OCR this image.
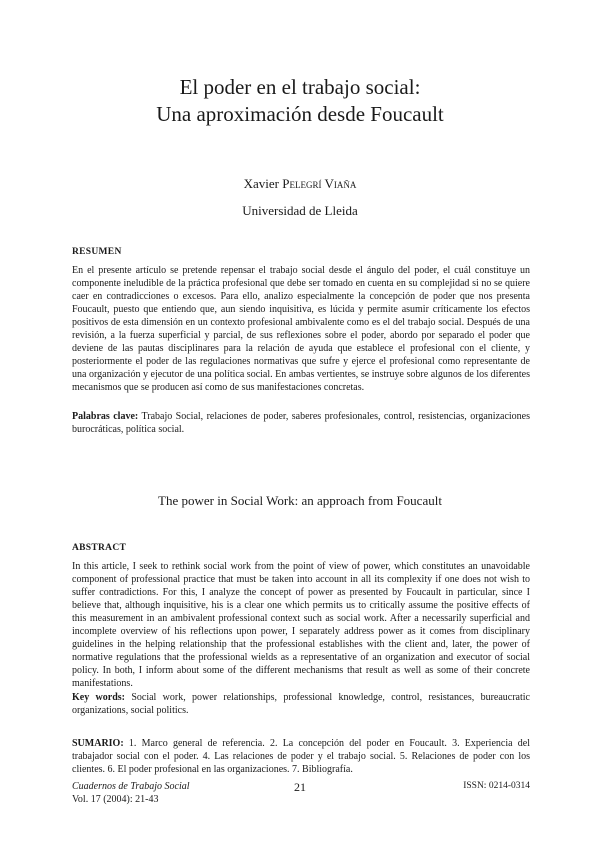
El poder en el trabajo social:
Una aproximación desde Foucault
Xavier Pelegrí Viaña
Universidad de Lleida
RESUMEN
En el presente artículo se pretende repensar el trabajo social desde el ángulo del poder, el cuál constituye un componente ineludible de la práctica profesional que debe ser tomado en cuenta en su complejidad si no se quiere caer en contradicciones o excesos. Para ello, analizo especialmente la concepción de poder que nos presenta Foucault, puesto que entiendo que, aun siendo inquisitiva, es lúcida y permite asumir críticamente los efectos positivos de esta dimensión en un contexto profesional ambivalente como es el del trabajo social. Después de una revisión, a la fuerza superficial y parcial, de sus reflexiones sobre el poder, abordo por separado el poder que deviene de las pautas disciplinares para la relación de ayuda que establece el profesional con el cliente, y posteriormente el poder de las regulaciones normativas que sufre y ejerce el profesional como representante de una organización y ejecutor de una política social. En ambas vertientes, se instruye sobre algunos de los diferentes mecanismos que se producen así como de sus manifestaciones concretas.
Palabras clave: Trabajo Social, relaciones de poder, saberes profesionales, control, resistencias, organizaciones burocráticas, política social.
The power in Social Work: an approach from Foucault
ABSTRACT
In this article, I seek to rethink social work from the point of view of power, which constitutes an unavoidable component of professional practice that must be taken into account in all its complexity if one does not wish to suffer contradictions. For this, I analyze the concept of power as presented by Foucault in particular, since I believe that, although inquisitive, his is a clear one which permits us to critically assume the positive effects of this measurement in an ambivalent professional context such as social work. After a necessarily superficial and incomplete overview of his reflections upon power, I separately address power as it comes from disciplinary guidelines in the helping relationship that the professional establishes with the client and, later, the power of normative regulations that the professional wields as a representative of an organization and executor of social policy. In both, I inform about some of the different mechanisms that result as well as some of their concrete manifestations.
Key words: Social work, power relationships, professional knowledge, control, resistances, bureaucratic organizations, social politics.
SUMARIO: 1. Marco general de referencia. 2. La concepción del poder en Foucault. 3. Experiencia del trabajador social con el poder. 4. Las relaciones de poder y el trabajo social. 5. Relaciones de poder con los clientes. 6. El poder profesional en las organizaciones. 7. Bibliografía.
Cuadernos de Trabajo Social
Vol. 17 (2004): 21-43
21	ISSN: 0214-0314
